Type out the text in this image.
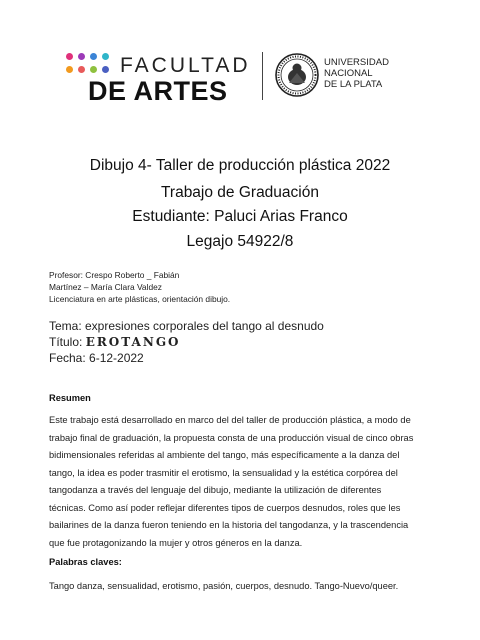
FACULTAD
DE ARTES
UNIVERSIDAD
NACIONAL
DE LA PLATA
Dibujo 4- Taller de producción plástica 2022
Trabajo de Graduación
Estudiante: Paluci Arias Franco
Legajo 54922/8
Profesor: Crespo Roberto _ Fabián
Martínez – María Clara Valdez
Licenciatura en arte plásticas, orientación dibujo.
Tema: expresiones corporales del tango al desnudo
Título: EROTANGO
Fecha: 6-12-2022
Resumen
Este trabajo está desarrollado en marco del del taller de producción plástica, a modo de
trabajo final de graduación, la propuesta consta de una producción visual de cinco obras
bidimensionales referidas al ambiente del tango, más específicamente a la danza del
tango, la idea es poder trasmitir el erotismo, la sensualidad y la estética corpórea del
tangodanza a través del lenguaje del dibujo, mediante la utilización de diferentes
técnicas. Como así poder reflejar diferentes tipos de cuerpos desnudos, roles que les
bailarines de la danza fueron teniendo en la historia del tangodanza, y la trascendencia
que fue protagonizando la mujer y otros géneros en la danza.
Palabras claves:
Tango danza, sensualidad, erotismo, pasión, cuerpos, desnudo. Tango-Nuevo/queer.
